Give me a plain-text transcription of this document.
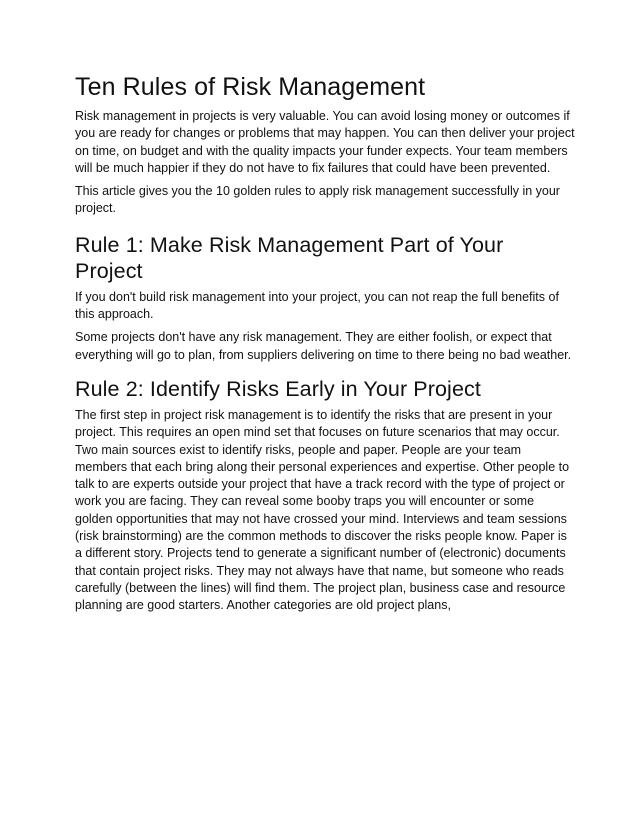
Ten Rules of Risk Management

Risk management in projects is very valuable. You can avoid losing money or outcomes if you are ready for changes or problems that may happen. You can then deliver your project on time, on budget and with the quality impacts your funder expects. Your team members will be much happier if they do not have to fix failures that could have been prevented.

This article gives you the 10 golden rules to apply risk management successfully in your project.

Rule 1: Make Risk Management Part of Your Project

If you don't build risk management into your project, you can not reap the full benefits of this approach.

Some projects don't have any risk management. They are either foolish, or expect that everything will go to plan, from suppliers delivering on time to there being no bad weather.

Rule 2: Identify Risks Early in Your Project

The first step in project risk management is to identify the risks that are present in your project. This requires an open mind set that focuses on future scenarios that may occur. Two main sources exist to identify risks, people and paper. People are your team members that each bring along their personal experiences and expertise. Other people to talk to are experts outside your project that have a track record with the type of project or work you are facing. They can reveal some booby traps you will encounter or some golden opportunities that may not have crossed your mind. Interviews and team sessions (risk brainstorming) are the common methods to discover the risks people know. Paper is a different story. Projects tend to generate a significant number of (electronic) documents that contain project risks. They may not always have that name, but someone who reads carefully (between the lines) will find them. The project plan, business case and resource planning are good starters. Another categories are old project plans,
